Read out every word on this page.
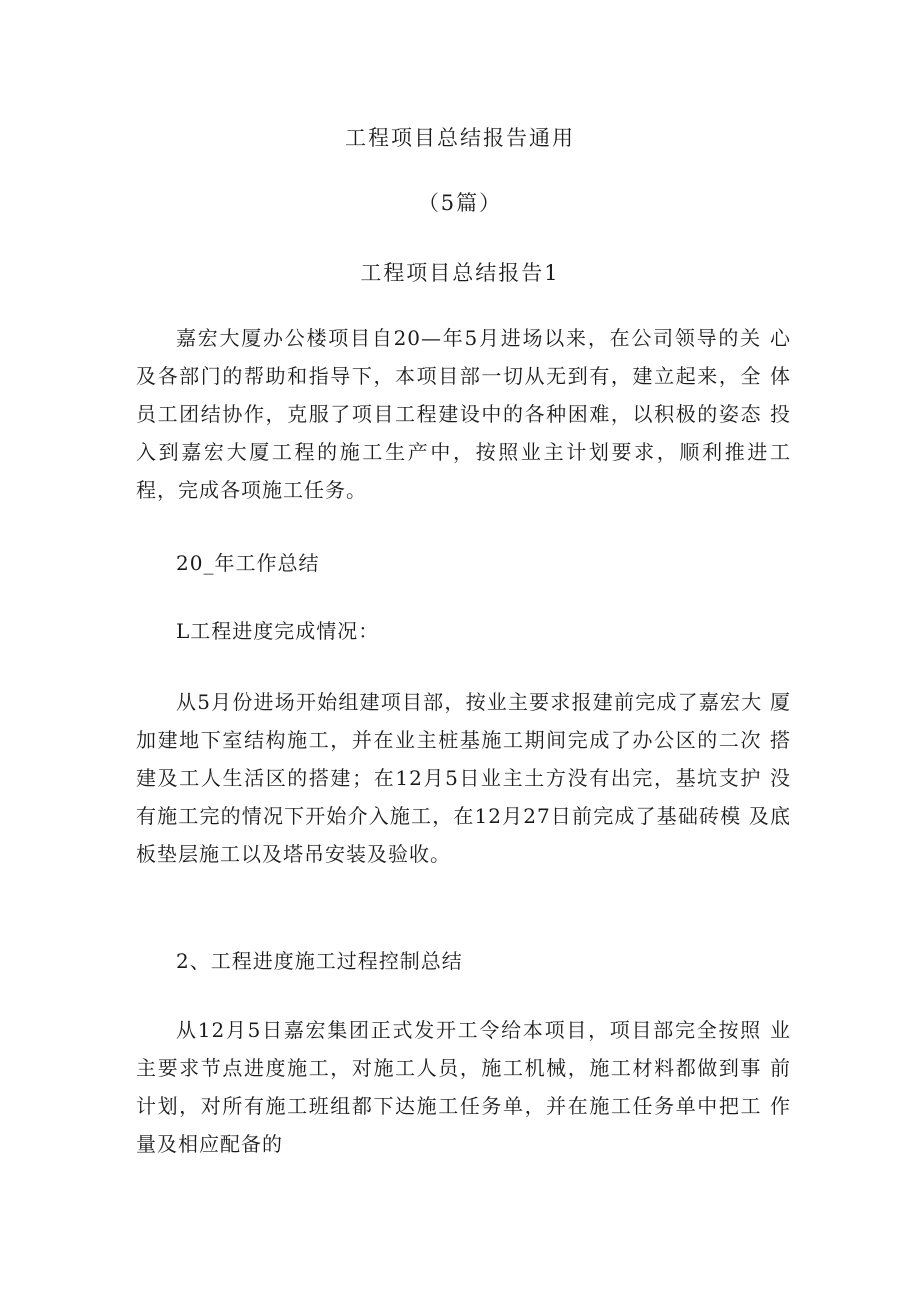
工程项目总结报告通用
（5篇）
工程项目总结报告1
嘉宏大厦办公楼项目自20—年5月进场以来，在公司领导的关 心及各部门的帮助和指导下，本项目部一切从无到有，建立起来，全 体员工团结协作，克服了项目工程建设中的各种困难，以积极的姿态 投入到嘉宏大厦工程的施工生产中，按照业主计划要求，顺利推进工 程，完成各项施工任务。
20_年工作总结
L工程进度完成情况：
从5月份进场开始组建项目部，按业主要求报建前完成了嘉宏大 厦加建地下室结构施工，并在业主桩基施工期间完成了办公区的二次 搭建及工人生活区的搭建；在12月5日业主土方没有出完，基坑支护 没有施工完的情况下开始介入施工，在12月27日前完成了基础砖模 及底板垫层施工以及塔吊安装及验收。
2、工程进度施工过程控制总结
从12月5日嘉宏集团正式发开工令给本项目，项目部完全按照 业主要求节点进度施工，对施工人员，施工机械，施工材料都做到事 前计划，对所有施工班组都下达施工任务单，并在施工任务单中把工 作量及相应配备的
